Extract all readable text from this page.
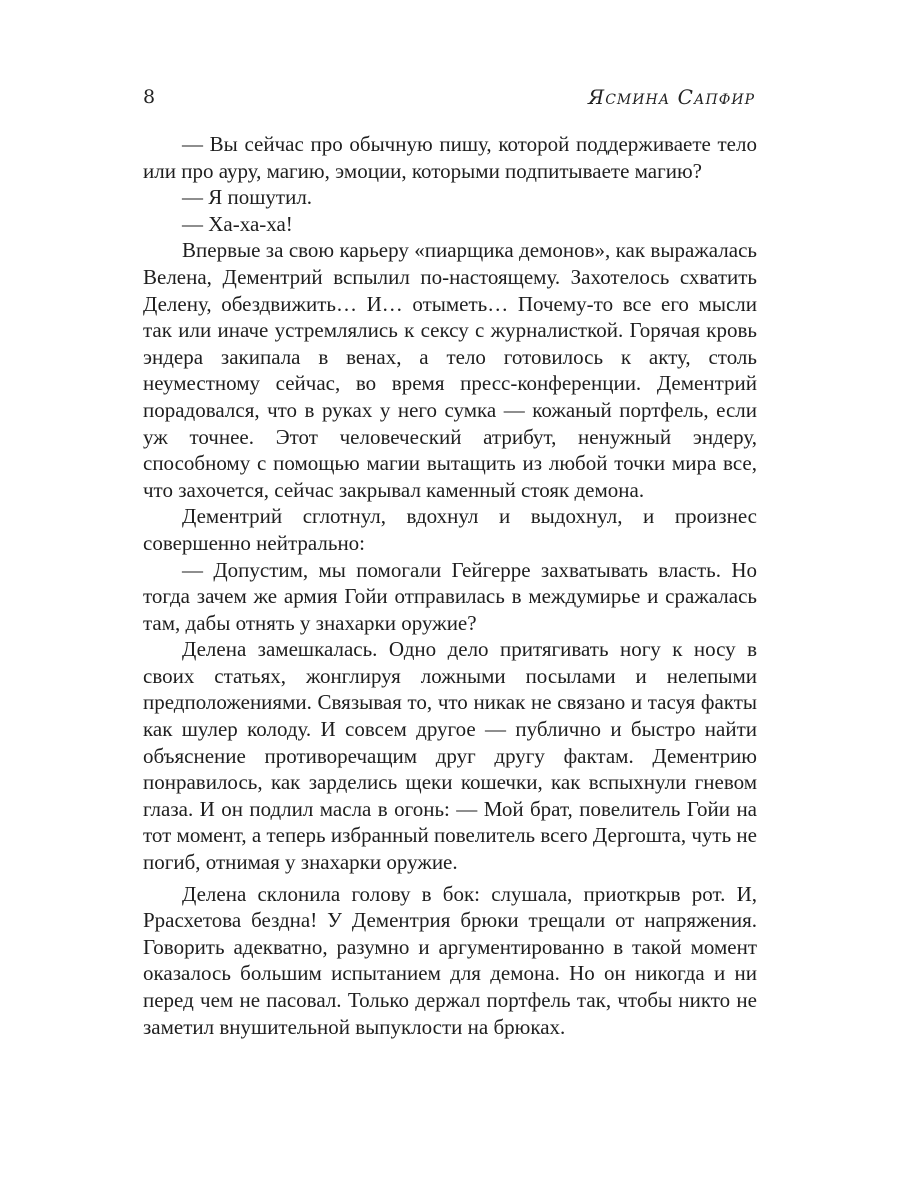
8	Ясмина Сапфир

— Вы сейчас про обычную пишу, которой поддерживаете тело или про ауру, магию, эмоции, которыми подпитываете магию?

— Я пошутил.

— Ха-ха-ха!

Впервые за свою карьеру «пиарщика демонов», как выражалась Велена, Дементрий вспылил по-настоящему. Захотелось схватить Делену, обездвижить… И… отыметь… Почему-то все его мысли так или иначе устремлялись к сексу с журналисткой. Горячая кровь эндера закипала в венах, а тело готовилось к акту, столь неуместному сейчас, во время пресс-конференции. Дементрий порадовался, что в руках у него сумка — кожаный портфель, если уж точнее. Этот человеческий атрибут, ненужный эндеру, способному с помощью магии вытащить из любой точки мира все, что захочется, сейчас закрывал каменный стояк демона.

Дементрий сглотнул, вдохнул и выдохнул, и произнес совершенно нейтрально:

— Допустим, мы помогали Гейгерре захватывать власть. Но тогда зачем же армия Гойи отправилась в междумирье и сражалась там, дабы отнять у знахарки оружие?

Делена замешкалась. Одно дело притягивать ногу к носу в своих статьях, жонглируя ложными посылами и нелепыми предположениями. Связывая то, что никак не связано и тасуя факты как шулер колоду. И совсем другое — публично и быстро найти объяснение противоречащим друг другу фактам. Дементрию понравилось, как зарделись щеки кошечки, как вспыхнули гневом глаза. И он подлил масла в огонь: — Мой брат, повелитель Гойи на тот момент, а теперь избранный повелитель всего Дергошта, чуть не погиб, отнимая у знахарки оружие.

Делена склонила голову в бок: слушала, приоткрыв рот. И, Ррасхетова бездна! У Дементрия брюки трещали от напряжения. Говорить адекватно, разумно и аргументированно в такой момент оказалось большим испытанием для демона. Но он никогда и ни перед чем не пасовал. Только держал портфель так, чтобы никто не заметил внушительной выпуклости на брюках.
